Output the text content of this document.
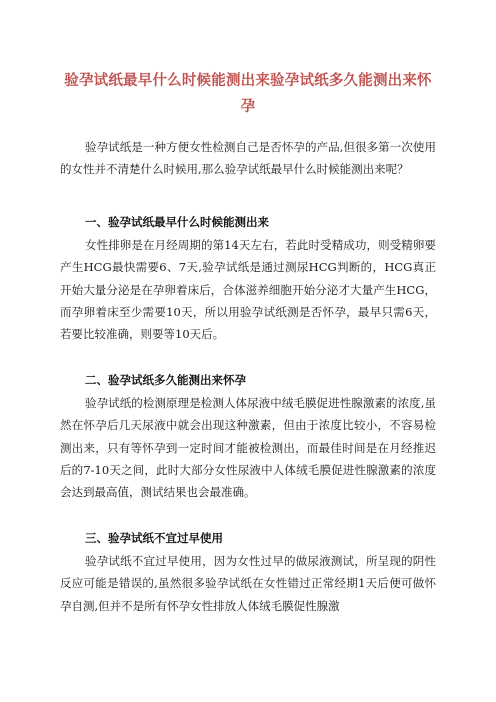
验孕试纸最早什么时候能测出来验孕试纸多久能测出来怀孕

验孕试纸是一种方便女性检测自己是否怀孕的产品,但很多第一次使用的女性并不清楚什么时候用,那么验孕试纸最早什么时候能测出来呢？

一、验孕试纸最早什么时候能测出来

女性排卵是在月经周期的第14天左右，若此时受精成功，则受精卵要产生HCG最快需要6、7天,验孕试纸是通过测尿HCG判断的，HCG真正开始大量分泌是在孕卵着床后，合体滋养细胞开始分泌才大量产生HCG，而孕卵着床至少需要10天，所以用验孕试纸测是否怀孕，最早只需6天，若要比较准确，则要等10天后。

二、验孕试纸多久能测出来怀孕

验孕试纸的检测原理是检测人体尿液中绒毛膜促进性腺激素的浓度,虽然在怀孕后几天尿液中就会出现这种激素，但由于浓度比较小，不容易检测出来，只有等怀孕到一定时间才能被检测出，而最佳时间是在月经推迟后的7-10天之间，此时大部分女性尿液中人体绒毛膜促进性腺激素的浓度会达到最高值，测试结果也会最准确。

三、验孕试纸不宜过早使用

验孕试纸不宜过早使用，因为女性过早的做尿液测试，所呈现的阴性反应可能是错误的,虽然很多验孕试纸在女性错过正常经期1天后便可做怀孕自测,但并不是所有怀孕女性排放人体绒毛膜促性腺激
